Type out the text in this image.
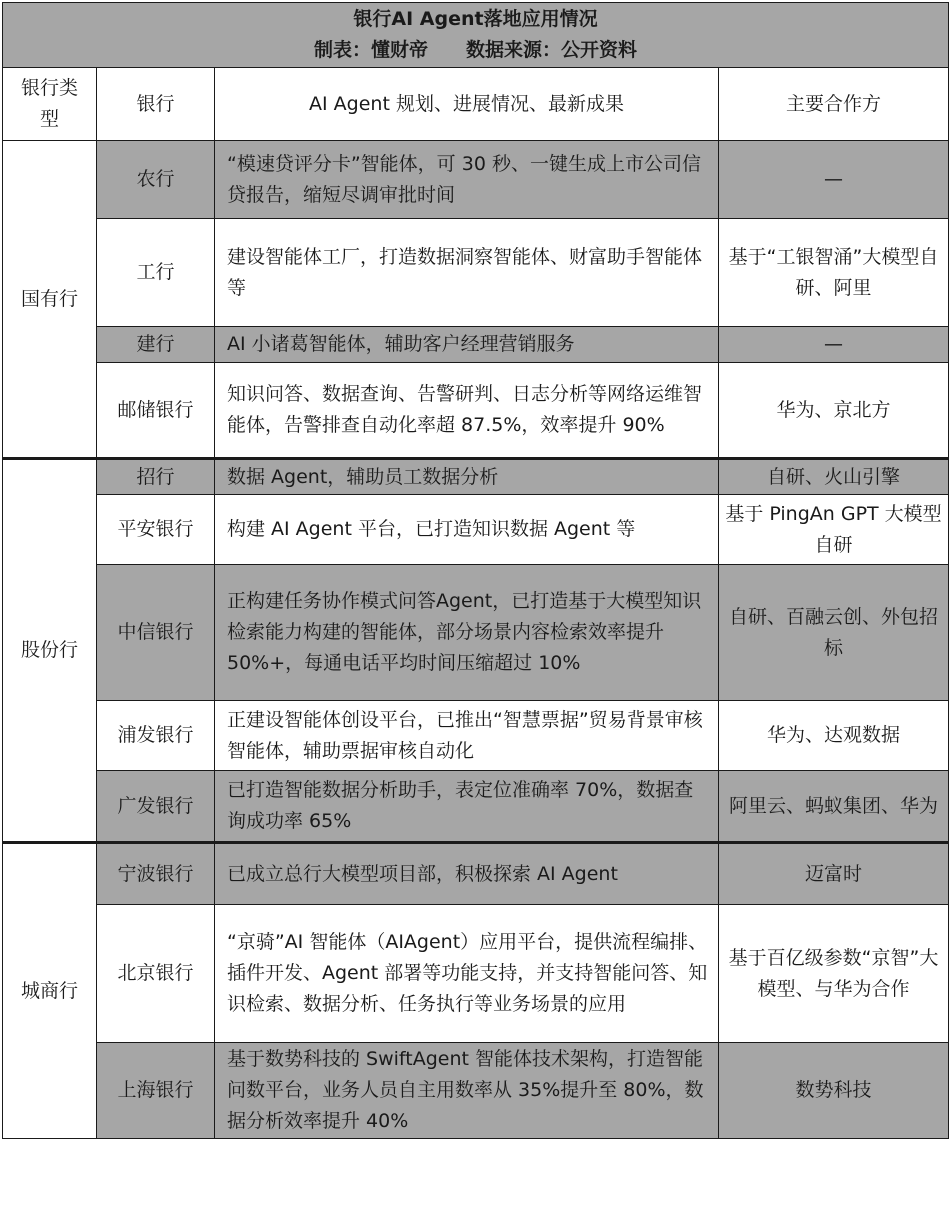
银行AI Agent落地应用情况
制表：懂财帝　　数据来源：公开资料			

银行类型	银行	AI Agent 规划、进展情况、最新成果	主要合作方
国有行	农行	“模速贷评分卡”智能体，可 30 秒、一键生成上市公司信贷报告，缩短尽调审批时间	—
	工行	建设智能体工厂，打造数据洞察智能体、财富助手智能体等	基于“工银智涌”大模型自研、阿里
	建行	AI 小诸葛智能体，辅助客户经理营销服务	—
	邮储银行	知识问答、数据查询、告警研判、日志分析等网络运维智能体，告警排查自动化率超 87.5%，效率提升 90%	华为、京北方
股份行	招行	数据 Agent，辅助员工数据分析	自研、火山引擎
	平安银行	构建 AI Agent 平台，已打造知识数据 Agent 等	基于 PingAn GPT 大模型自研
	中信银行	正构建任务协作模式问答Agent，已打造基于大模型知识检索能力构建的智能体，部分场景内容检索效率提升 50%+，每通电话平均时间压缩超过 10%	自研、百融云创、外包招标
	浦发银行	正建设智能体创设平台，已推出“智慧票据”贸易背景审核智能体，辅助票据审核自动化	华为、达观数据
	广发银行	已打造智能数据分析助手，表定位准确率 70%，数据查询成功率 65%	阿里云、蚂蚁集团、华为
城商行	宁波银行	已成立总行大模型项目部，积极探索 AI Agent	迈富时
	北京银行	“京骑”AI 智能体（AIAgent）应用平台，提供流程编排、插件开发、Agent 部署等功能支持，并支持智能问答、知识检索、数据分析、任务执行等业务场景的应用	基于百亿级参数“京智”大模型、与华为合作
	上海银行	基于数势科技的 SwiftAgent 智能体技术架构，打造智能问数平台，业务人员自主用数率从 35%提升至 80%，数据分析效率提升 40%	数势科技
